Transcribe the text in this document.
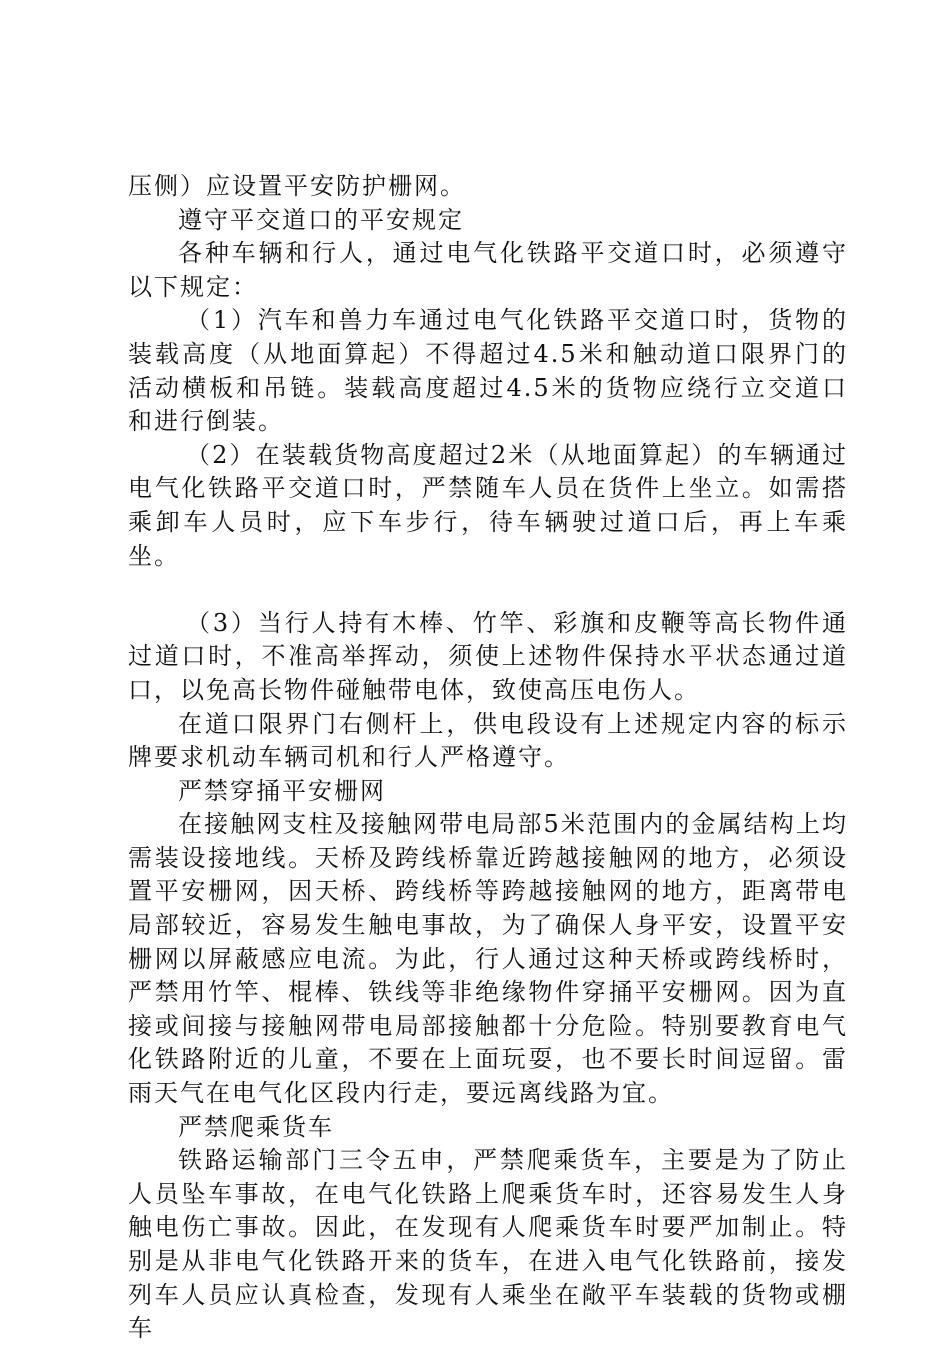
压侧）应设置平安防护栅网。

遵守平交道口的平安规定

各种车辆和行人，通过电气化铁路平交道口时，必须遵守以下规定：

（1）汽车和兽力车通过电气化铁路平交道口时，货物的装载高度（从地面算起）不得超过4.5米和触动道口限界门的活动横板和吊链。装载高度超过4.5米的货物应绕行立交道口和进行倒装。

（2）在装载货物高度超过2米（从地面算起）的车辆通过电气化铁路平交道口时，严禁随车人员在货件上坐立。如需搭乘卸车人员时，应下车步行，待车辆驶过道口后，再上车乘坐。

（3）当行人持有木棒、竹竿、彩旗和皮鞭等高长物件通过道口时，不准高举挥动，须使上述物件保持水平状态通过道口，以免高长物件碰触带电体，致使高压电伤人。

在道口限界门右侧杆上，供电段设有上述规定内容的标示牌要求机动车辆司机和行人严格遵守。

严禁穿捅平安栅网

在接触网支柱及接触网带电局部5米范围内的金属结构上均需装设接地线。天桥及跨线桥靠近跨越接触网的地方，必须设置平安栅网，因天桥、跨线桥等跨越接触网的地方，距离带电局部较近，容易发生触电事故，为了确保人身平安，设置平安栅网以屏蔽感应电流。为此，行人通过这种天桥或跨线桥时，严禁用竹竿、棍棒、铁线等非绝缘物件穿捅平安栅网。因为直接或间接与接触网带电局部接触都十分危险。特别要教育电气化铁路附近的儿童，不要在上面玩耍，也不要长时间逗留。雷雨天气在电气化区段内行走，要远离线路为宜。

严禁爬乘货车

铁路运输部门三令五申，严禁爬乘货车，主要是为了防止人员坠车事故，在电气化铁路上爬乘货车时，还容易发生人身触电伤亡事故。因此，在发现有人爬乘货车时要严加制止。特别是从非电气化铁路开来的货车，在进入电气化铁路前，接发列车人员应认真检查，发现有人乘坐在敞平车装载的货物或棚车
